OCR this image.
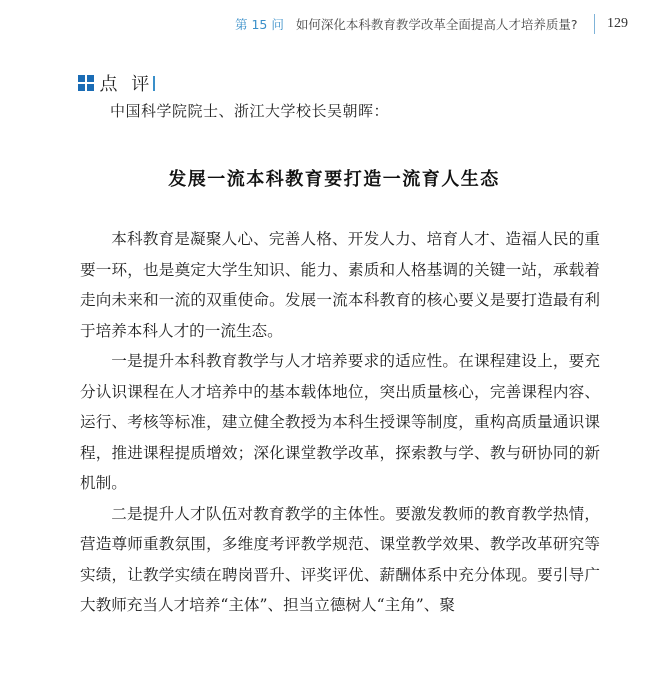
第 15 问 如何深化本科教育教学改革全面提高人才培养质量? 129
点 评
中国科学院院士、浙江大学校长吴朝晖：
发展一流本科教育要打造一流育人生态

本科教育是凝聚人心、完善人格、开发人力、培育人才、造福人民的重要一环，也是奠定大学生知识、能力、素质和人格基调的关键一站，承载着走向未来和一流的双重使命。发展一流本科教育的核心要义是要打造最有利于培养本科人才的一流生态。

一是提升本科教育教学与人才培养要求的适应性。在课程建设上，要充分认识课程在人才培养中的基本载体地位，突出质量核心，完善课程内容、运行、考核等标准，建立健全教授为本科生授课等制度，重构高质量通识课程，推进课程提质增效；深化课堂教学改革，探索教与学、教与研协同的新机制。

二是提升人才队伍对教育教学的主体性。要激发教师的教育教学热情，营造尊师重教氛围，多维度考评教学规范、课堂教学效果、教学改革研究等实绩，让教学实绩在聘岗晋升、评奖评优、薪酬体系中充分体现。要引导广大教师充当人才培养“主体”、担当立德树人“主角”、聚
